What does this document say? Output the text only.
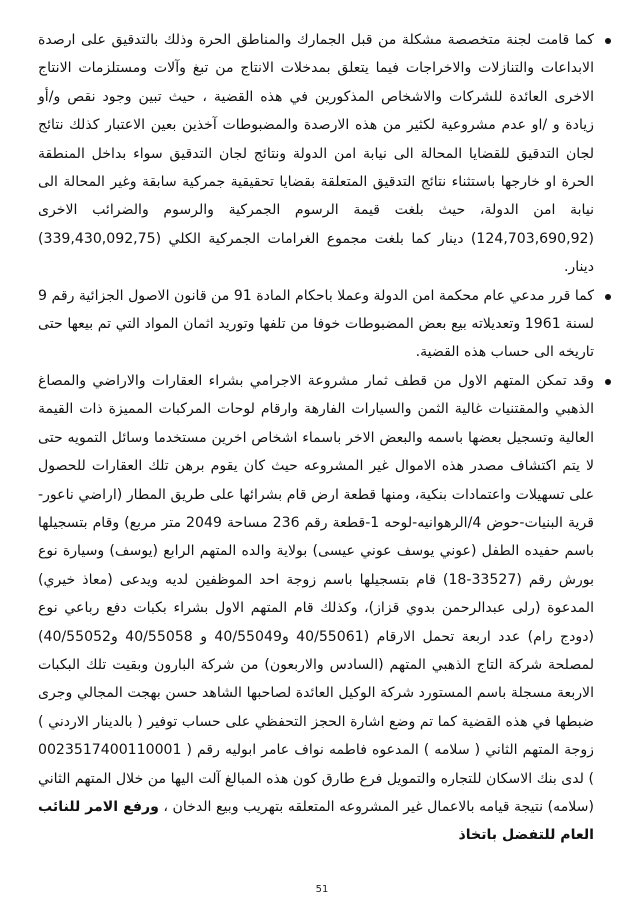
كما قامت لجنة متخصصة مشكلة من قبل الجمارك والمناطق الحرة وذلك بالتدقيق على ارصدة الابداعات والتنازلات والاخراجات فيما يتعلق بمدخلات الانتاج من تبغ وآلات ومستلزمات الانتاج الاخرى العائدة للشركات والاشخاص المذكورين في هذه القضية ، حيث تبين وجود نقص و/أو زيادة و /او عدم مشروعية لكثير من هذه الارصدة والمضبوطات آخذين بعين الاعتبار كذلك نتائج لجان التدقيق للقضايا المحالة الى نيابة امن الدولة ونتائج لجان التدقيق سواء بداخل المنطقة الحرة او خارجها باستثناء نتائج التدقيق المتعلقة بقضايا تحقيقية جمركية سابقة وغير المحالة الى نيابة امن الدولة، حيث بلغت قيمة الرسوم الجمركية والرسوم والضرائب الاخرى (124,703,690,92) دينار كما بلغت مجموع الغرامات الجمركية الكلي (339,430,092,75) دينار.

كما قرر مدعي عام محكمة امن الدولة وعملا باحكام المادة 91 من قانون الاصول الجزائية رقم 9 لسنة 1961 وتعديلاته بيع بعض المضبوطات خوفا من تلفها وتوريد اثمان المواد التي تم بيعها حتى تاريخه الى حساب هذه القضية.

وقد تمكن المتهم الاول من قطف ثمار مشروعة الاجرامي بشراء العقارات والاراضي والمصاغ الذهبي والمقتنيات غالية الثمن والسيارات الفارهة وارقام لوحات المركبات المميزة ذات القيمة العالية وتسجيل بعضها باسمه والبعض الاخر باسماء اشخاص اخرين مستخدما وسائل التمويه حتى لا يتم اكتشاف مصدر هذه الاموال غير المشروعه حيث كان يقوم برهن تلك العقارات للحصول على تسهيلات واعتمادات بنكية، ومنها قطعة ارض قام بشرائها على طريق المطار (اراضي ناعور-قرية البنيات-حوض 4/الرهوانيه-لوحه 1-قطعة رقم 236 مساحة 2049 متر مربع) وقام بتسجيلها باسم حفيده الطفل (عوني يوسف عوني عيسى) بولاية والده المتهم الرابع (يوسف) وسيارة نوع بورش رقم (33527-18) قام بتسجيلها باسم زوجة احد الموظفين لديه ويدعى (معاذ خيري) المدعوة (رلى عبدالرحمن بدوي قزاز)، وكذلك قام المتهم الاول بشراء بكبات دفع رباعي نوع (دودج رام) عدد اربعة تحمل الارقام (40/55061 و40/55049 و 40/55058 و40/55052) لمصلحة شركة التاج الذهبي المتهم (السادس والاربعون) من شركة البارون وبقيت تلك البكبات الاربعة مسجلة باسم المستورد شركة الوكيل العائدة لصاحبها الشاهد حسن بهجت المجالي وجرى ضبطها في هذه القضية كما تم وضع اشارة الحجز التحفظي على حساب توفير ( بالدينار الاردني ) زوجة المتهم الثاني ( سلامه ) المدعوه فاطمه نواف عامر ابوليه رقم ( 0023517400110001 ) لدى بنك الاسكان للتجاره والتمويل فرع طارق كون هذه المبالغ آلت اليها من خلال المتهم الثاني (سلامه) نتيجة قيامه بالاعمال غير المشروعه المتعلقه بتهريب وبيع الدخان ، ورفع الامر للنائب العام للتفضل باتخاذ

51
